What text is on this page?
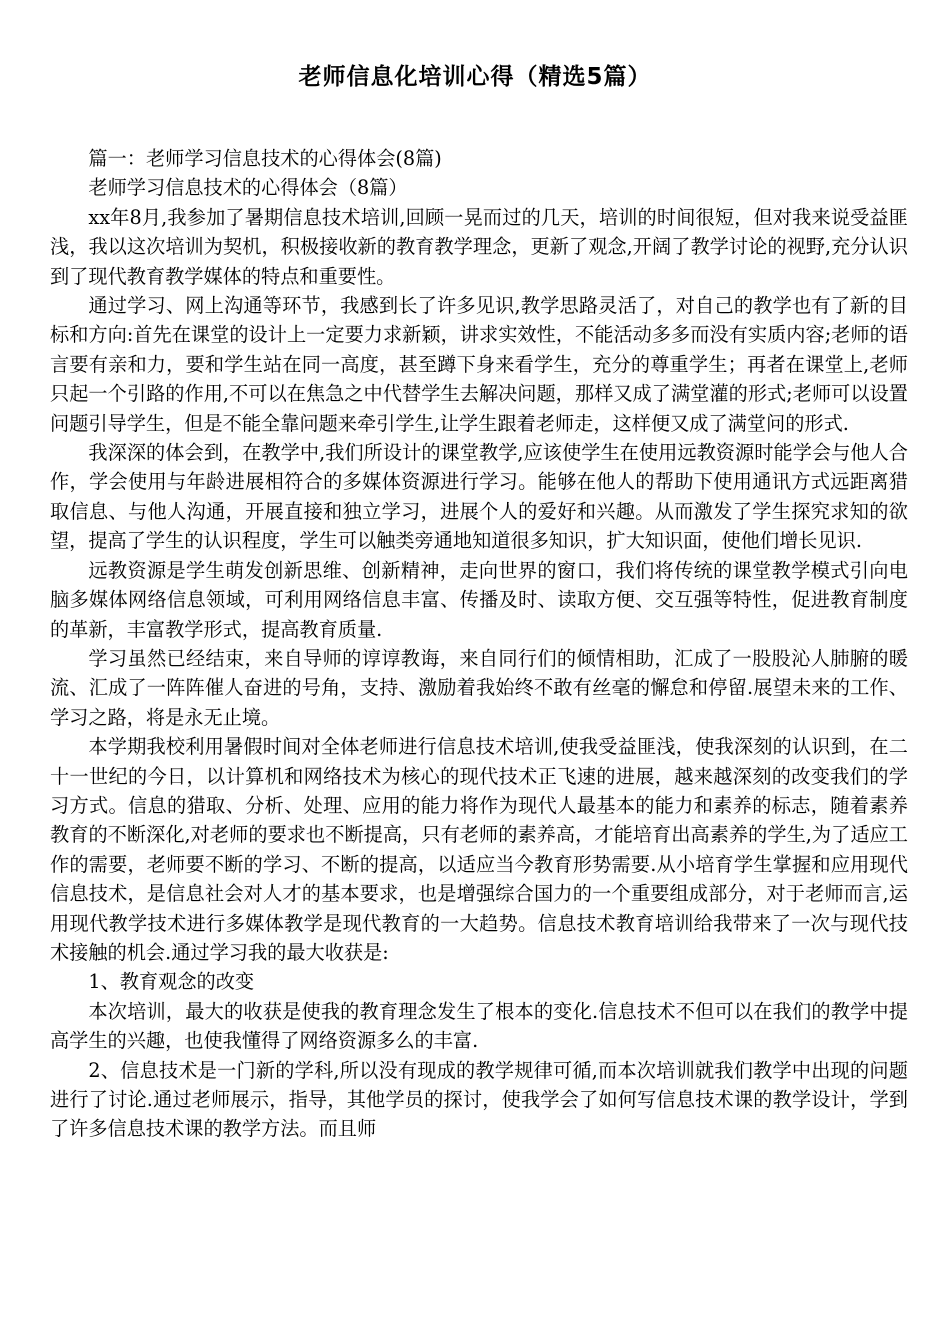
老师信息化培训心得（精选5篇）

篇一：老师学习信息技术的心得体会(8篇)

老师学习信息技术的心得体会（8篇）

xx年8月,我参加了暑期信息技术培训,回顾一晃而过的几天，培训的时间很短，但对我来说受益匪浅，我以这次培训为契机，积极接收新的教育教学理念，更新了观念,开阔了教学讨论的视野,充分认识到了现代教育教学媒体的特点和重要性。

通过学习、网上沟通等环节，我感到长了许多见识,教学思路灵活了，对自己的教学也有了新的目标和方向:首先在课堂的设计上一定要力求新颖，讲求实效性，不能活动多多而没有实质内容;老师的语言要有亲和力，要和学生站在同一高度，甚至蹲下身来看学生，充分的尊重学生；再者在课堂上,老师只起一个引路的作用,不可以在焦急之中代替学生去解决问题，那样又成了满堂灌的形式;老师可以设置问题引导学生，但是不能全靠问题来牵引学生,让学生跟着老师走，这样便又成了满堂问的形式.

我深深的体会到，在教学中,我们所设计的课堂教学,应该使学生在使用远教资源时能学会与他人合作，学会使用与年龄进展相符合的多媒体资源进行学习。能够在他人的帮助下使用通讯方式远距离猎取信息、与他人沟通，开展直接和独立学习，进展个人的爱好和兴趣。从而激发了学生探究求知的欲望，提高了学生的认识程度，学生可以触类旁通地知道很多知识，扩大知识面，使他们增长见识.

远教资源是学生萌发创新思维、创新精神，走向世界的窗口，我们将传统的课堂教学模式引向电脑多媒体网络信息领域，可利用网络信息丰富、传播及时、读取方便、交互强等特性，促进教育制度的革新，丰富教学形式，提高教育质量.

学习虽然已经结束，来自导师的谆谆教诲，来自同行们的倾情相助，汇成了一股股沁人肺腑的暖流、汇成了一阵阵催人奋进的号角，支持、激励着我始终不敢有丝毫的懈怠和停留.展望未来的工作、学习之路，将是永无止境。

本学期我校利用暑假时间对全体老师进行信息技术培训,使我受益匪浅，使我深刻的认识到，在二十一世纪的今日，以计算机和网络技术为核心的现代技术正飞速的进展，越来越深刻的改变我们的学习方式。信息的猎取、分析、处理、应用的能力将作为现代人最基本的能力和素养的标志，随着素养教育的不断深化,对老师的要求也不断提高，只有老师的素养高，才能培育出高素养的学生,为了适应工作的需要，老师要不断的学习、不断的提高，以适应当今教育形势需要.从小培育学生掌握和应用现代信息技术，是信息社会对人才的基本要求，也是增强综合国力的一个重要组成部分，对于老师而言,运用现代教学技术进行多媒体教学是现代教育的一大趋势。信息技术教育培训给我带来了一次与现代技术接触的机会.通过学习我的最大收获是:

1、教育观念的改变

本次培训，最大的收获是使我的教育理念发生了根本的变化.信息技术不但可以在我们的教学中提高学生的兴趣，也使我懂得了网络资源多么的丰富.

2、信息技术是一门新的学科,所以没有现成的教学规律可循,而本次培训就我们教学中出现的问题进行了讨论.通过老师展示，指导，其他学员的探讨，使我学会了如何写信息技术课的教学设计，学到了许多信息技术课的教学方法。而且师
